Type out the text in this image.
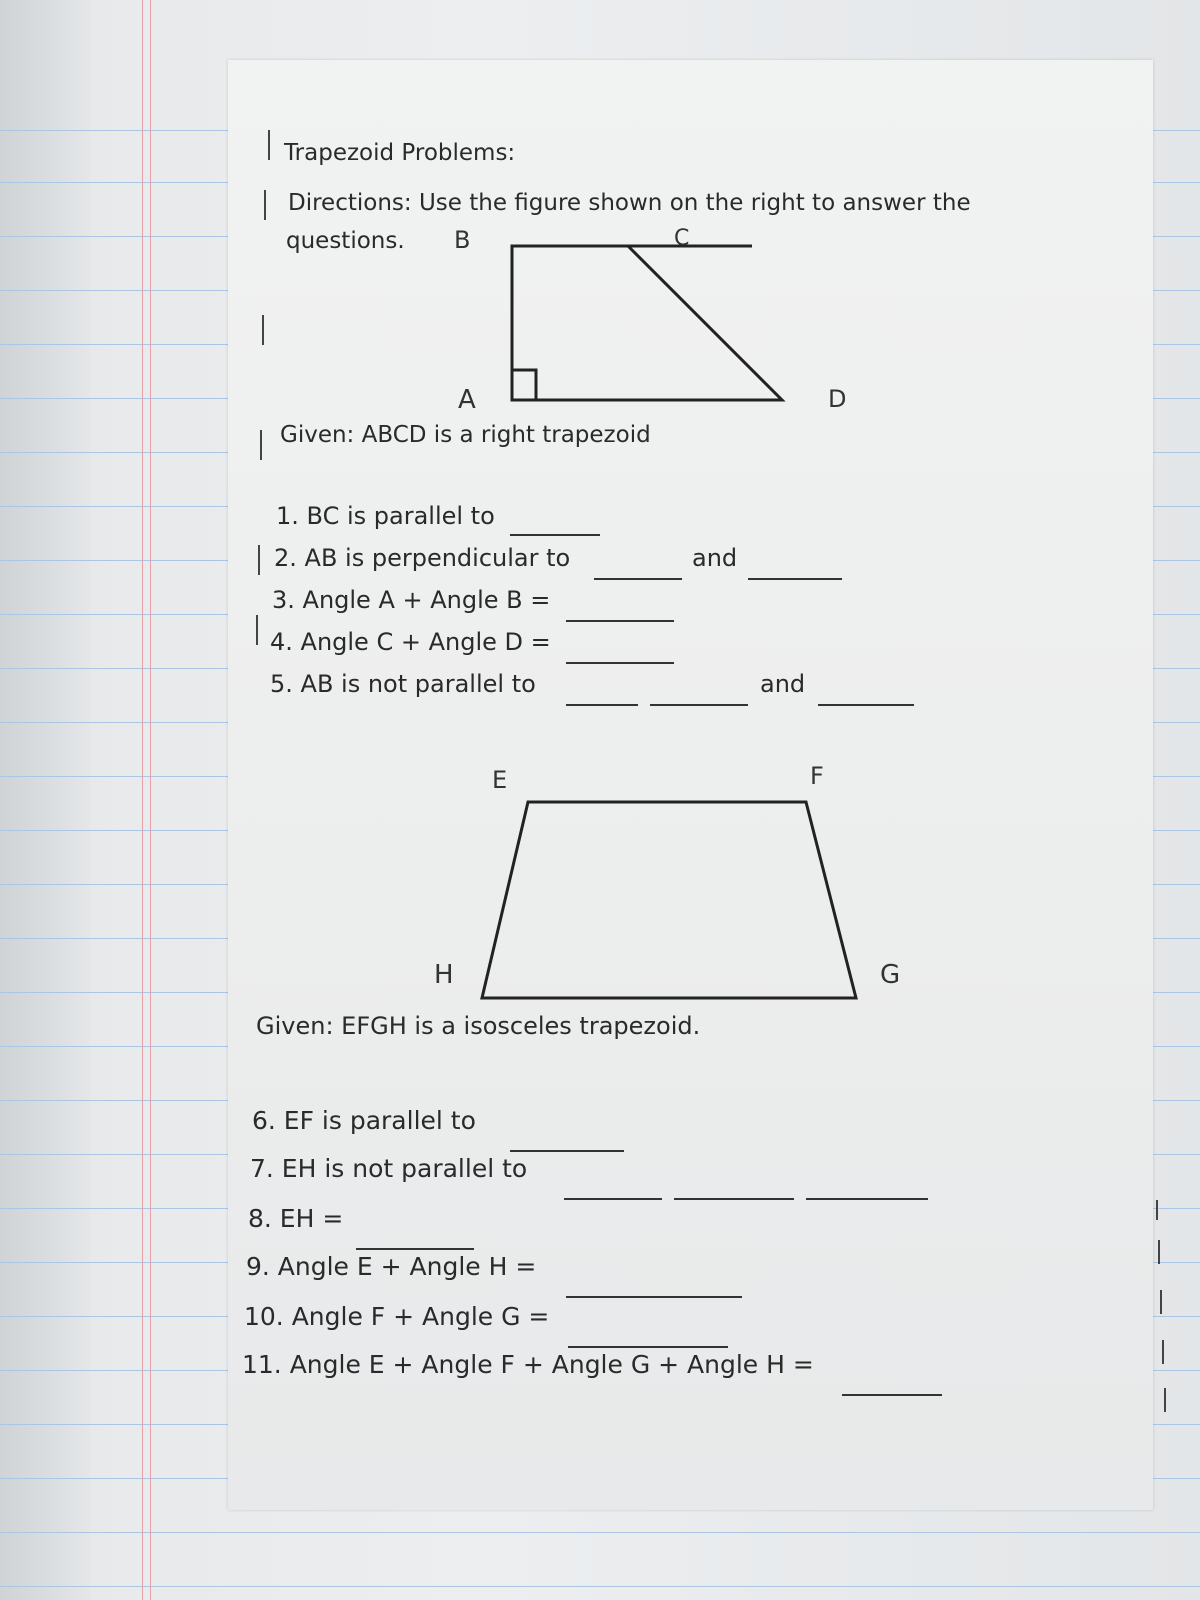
Trapezoid Problems:
Directions: Use the figure shown on the right to answer the
questions. B	C
A	D
Given: ABCD is a right trapezoid
1. BC is parallel to
2. AB is perpendicular to	and
3. Angle A + Angle B =
4. Angle C + Angle D =
5. AB is not parallel to	and
E	F
H	G
Given: EFGH is a isosceles trapezoid.
6. EF is parallel to
7. EH is not parallel to
8. EH =
9. Angle E + Angle H =
10. Angle F + Angle G =
11. Angle E + Angle F + Angle G + Angle H =
